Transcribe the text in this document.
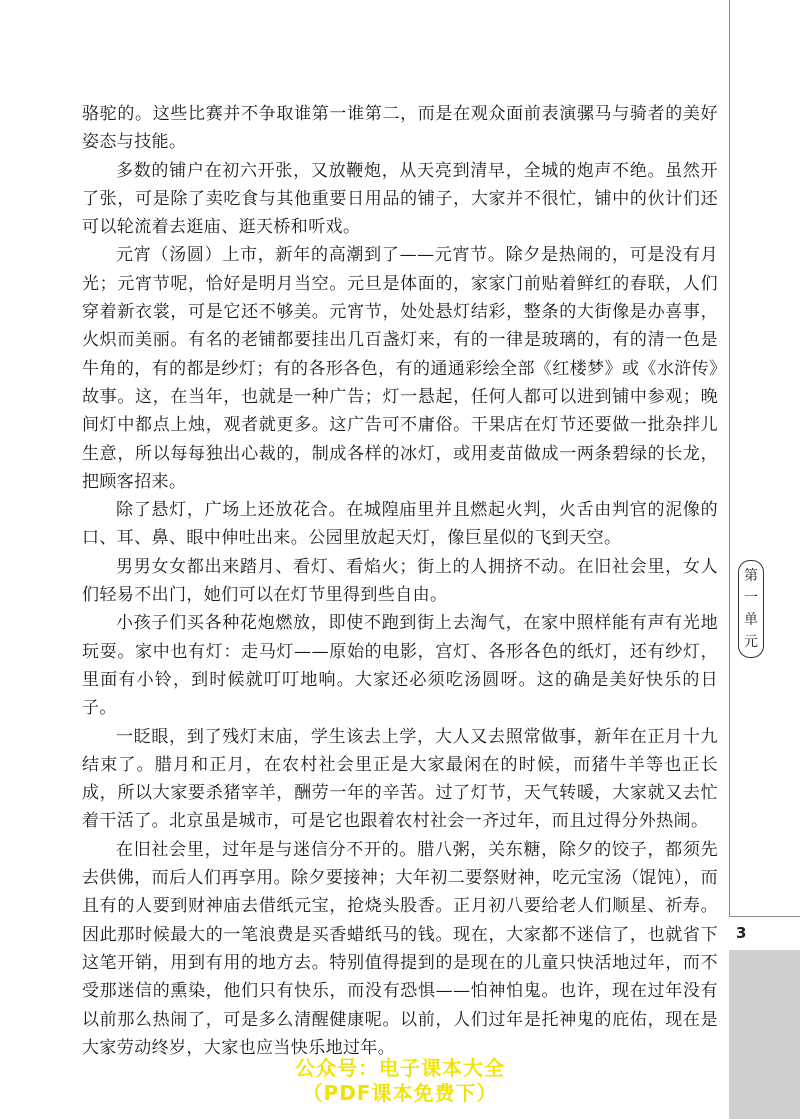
骆驼的。这些比赛并不争取谁第一谁第二，而是在观众面前表演骡马与骑者的美好姿态与技能。

多数的铺户在初六开张，又放鞭炮，从天亮到清早，全城的炮声不绝。虽然开了张，可是除了卖吃食与其他重要日用品的铺子，大家并不很忙，铺中的伙计们还可以轮流着去逛庙、逛天桥和听戏。

元宵（汤圆）上市，新年的高潮到了——元宵节。除夕是热闹的，可是没有月光；元宵节呢，恰好是明月当空。元旦是体面的，家家门前贴着鲜红的春联，人们穿着新衣裳，可是它还不够美。元宵节，处处悬灯结彩，整条的大街像是办喜事，火炽而美丽。有名的老铺都要挂出几百盏灯来，有的一律是玻璃的，有的清一色是牛角的，有的都是纱灯；有的各形各色，有的通通彩绘全部《红楼梦》或《水浒传》故事。这，在当年，也就是一种广告；灯一悬起，任何人都可以进到铺中参观；晚间灯中都点上烛，观者就更多。这广告可不庸俗。干果店在灯节还要做一批杂拌儿生意，所以每每独出心裁的，制成各样的冰灯，或用麦苗做成一两条碧绿的长龙，把顾客招来。

除了悬灯，广场上还放花合。在城隍庙里并且燃起火判，火舌由判官的泥像的口、耳、鼻、眼中伸吐出来。公园里放起天灯，像巨星似的飞到天空。

男男女女都出来踏月、看灯、看焰火；街上的人拥挤不动。在旧社会里，女人们轻易不出门，她们可以在灯节里得到些自由。

小孩子们买各种花炮燃放，即使不跑到街上去淘气，在家中照样能有声有光地玩耍。家中也有灯：走马灯——原始的电影，宫灯、各形各色的纸灯，还有纱灯，里面有小铃，到时候就叮叮地响。大家还必须吃汤圆呀。这的确是美好快乐的日子。

一眨眼，到了残灯末庙，学生该去上学，大人又去照常做事，新年在正月十九结束了。腊月和正月，在农村社会里正是大家最闲在的时候，而猪牛羊等也正长成，所以大家要杀猪宰羊，酬劳一年的辛苦。过了灯节，天气转暖，大家就又去忙着干活了。北京虽是城市，可是它也跟着农村社会一齐过年，而且过得分外热闹。

在旧社会里，过年是与迷信分不开的。腊八粥，关东糖，除夕的饺子，都须先去供佛，而后人们再享用。除夕要接神；大年初二要祭财神，吃元宝汤（馄饨），而且有的人要到财神庙去借纸元宝，抢烧头股香。正月初八要给老人们顺星、祈寿。因此那时候最大的一笔浪费是买香蜡纸马的钱。现在，大家都不迷信了，也就省下这笔开销，用到有用的地方去。特别值得提到的是现在的儿童只快活地过年，而不受那迷信的熏染，他们只有快乐，而没有恐惧——怕神怕鬼。也许，现在过年没有以前那么热闹了，可是多么清醒健康呢。以前，人们过年是托神鬼的庇佑，现在是大家劳动终岁，大家也应当快乐地过年。

第
一
单
元
3
公众号：电子课本大全
（PDF课本免费下）
